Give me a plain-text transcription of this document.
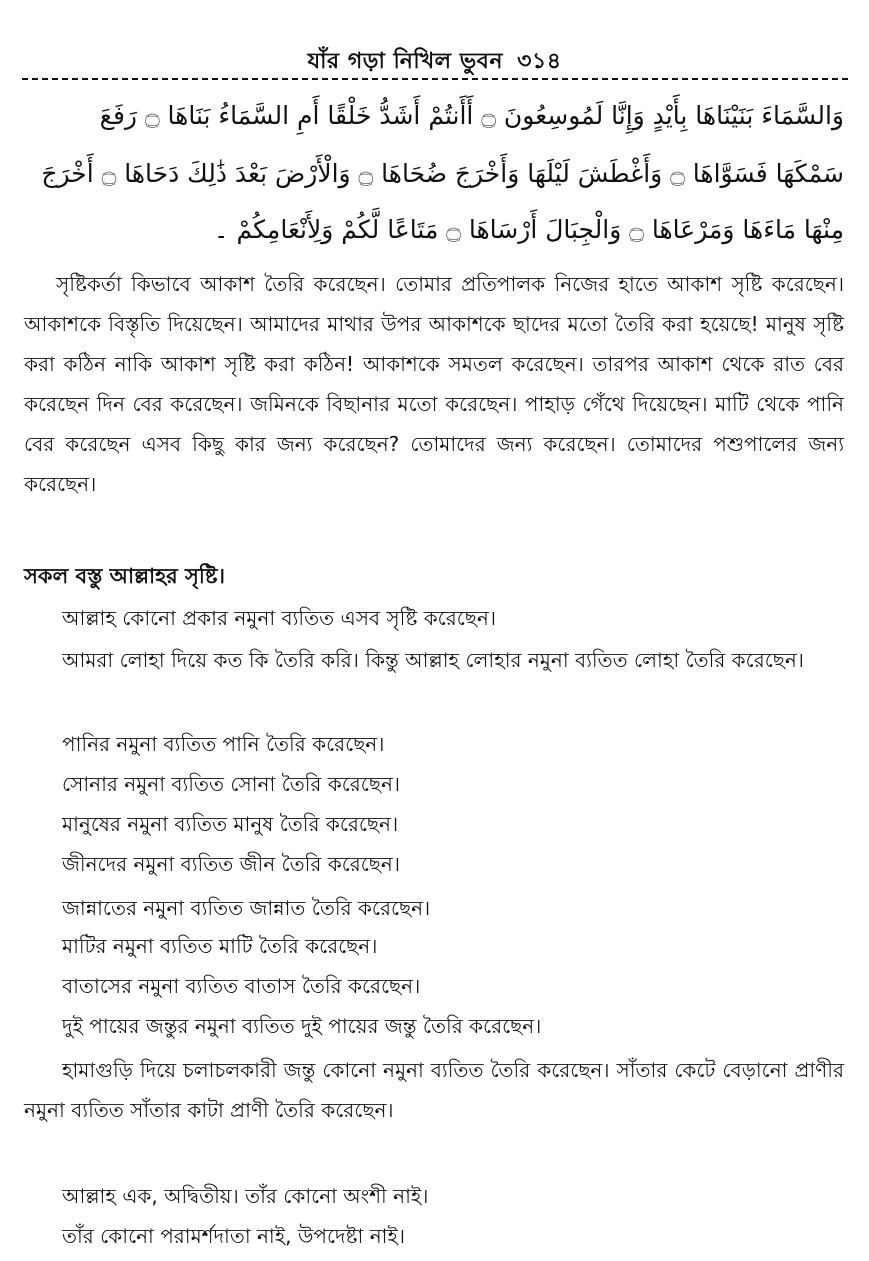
যাঁর গড়া নিখিল ভুবন ৩১৪
وَالسَّمَاءَ بَنَيْنَاهَا بِأَيْدٍ وَإِنَّا لَمُوسِعُونَ ۝ أَأَنتُمْ أَشَدُّ خَلْقًا أَمِ السَّمَاءُ بَنَاهَا ۝ رَفَعَ
سَمْكَهَا فَسَوَّاهَا ۝ وَأَغْطَشَ لَيْلَهَا وَأَخْرَجَ ضُحَاهَا ۝ وَالْأَرْضَ بَعْدَ ذَٰلِكَ دَحَاهَا ۝ أَخْرَجَ
مِنْهَا مَاءَهَا وَمَرْعَاهَا ۝ وَالْجِبَالَ أَرْسَاهَا ۝ مَتَاعًا لَّكُمْ وَلِأَنْعَامِكُمْ ۔
সৃষ্টিকর্তা কিভাবে আকাশ তৈরি করেছেন। তোমার প্রতিপালক নিজের হাতে আকাশ সৃষ্টি করেছেন। আকাশকে বিস্তৃতি দিয়েছেন। আমাদের মাথার উপর আকাশকে ছাদের মতো তৈরি করা হয়েছে! মানুষ সৃষ্টি করা কঠিন নাকি আকাশ সৃষ্টি করা কঠিন! আকাশকে সমতল করেছেন। তারপর আকাশ থেকে রাত বের করেছেন দিন বের করেছেন। জমিনকে বিছানার মতো করেছেন। পাহাড় গেঁথে দিয়েছেন। মাটি থেকে পানি বের করেছেন এসব কিছু কার জন্য করেছেন? তোমাদের জন্য করেছেন। তোমাদের পশুপালের জন্য করেছেন।
সকল বস্তু আল্লাহর সৃষ্টি।
আল্লাহ কোনো প্রকার নমুনা ব্যতিত এসব সৃষ্টি করেছেন।
আমরা লোহা দিয়ে কত কি তৈরি করি। কিন্তু আল্লাহ লোহার নমুনা ব্যতিত লোহা তৈরি করেছেন।
পানির নমুনা ব্যতিত পানি তৈরি করেছেন।
সোনার নমুনা ব্যতিত সোনা তৈরি করেছেন।
মানুষের নমুনা ব্যতিত মানুষ তৈরি করেছেন।
জীনদের নমুনা ব্যতিত জীন তৈরি করেছেন।
জান্নাতের নমুনা ব্যতিত জান্নাত তৈরি করেছেন।
মাটির নমুনা ব্যতিত মাটি তৈরি করেছেন।
বাতাসের নমুনা ব্যতিত বাতাস তৈরি করেছেন।
দুই পায়ের জন্তুর নমুনা ব্যতিত দুই পায়ের জন্তু তৈরি করেছেন।
হামাগুড়ি দিয়ে চলাচলকারী জন্তু কোনো নমুনা ব্যতিত তৈরি করেছেন। সাঁতার কেটে বেড়ানো প্রাণীর নমুনা ব্যতিত সাঁতার কাটা প্রাণী তৈরি করেছেন।
আল্লাহ এক, অদ্বিতীয়। তাঁর কোনো অংশী নাই।
তাঁর কোনো পরামর্শদাতা নাই, উপদেষ্টা নাই।
